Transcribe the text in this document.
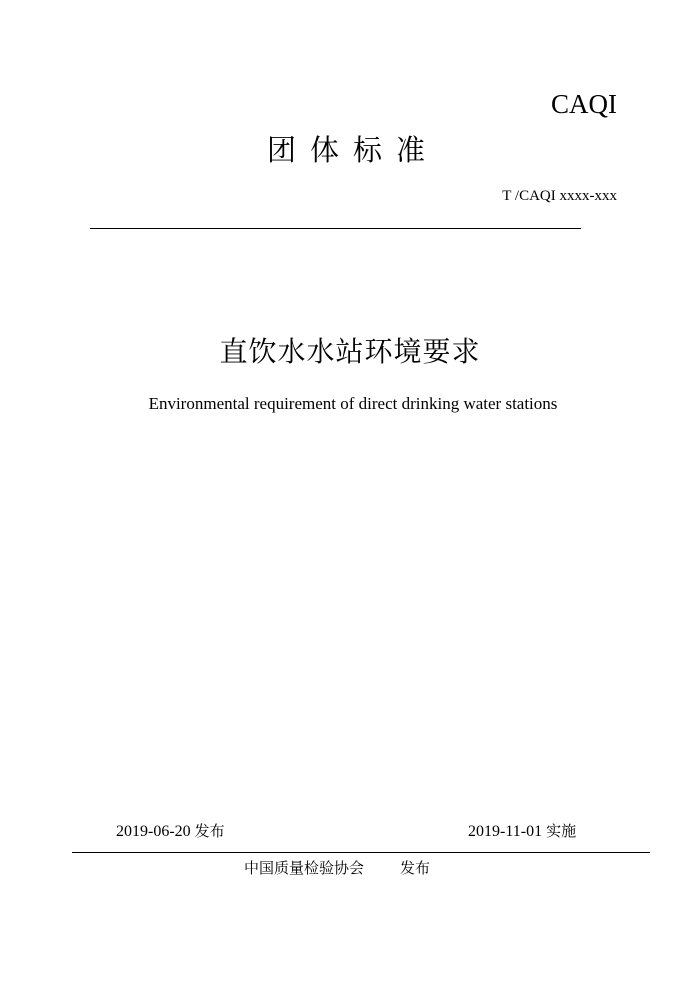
CAQI
团体标准
T /CAQI xxxx-xxx
直饮水水站环境要求
Environmental requirement of direct drinking water stations
2019-06-20 发布	2019-11-01 实施
中国质量检验协会 发布
